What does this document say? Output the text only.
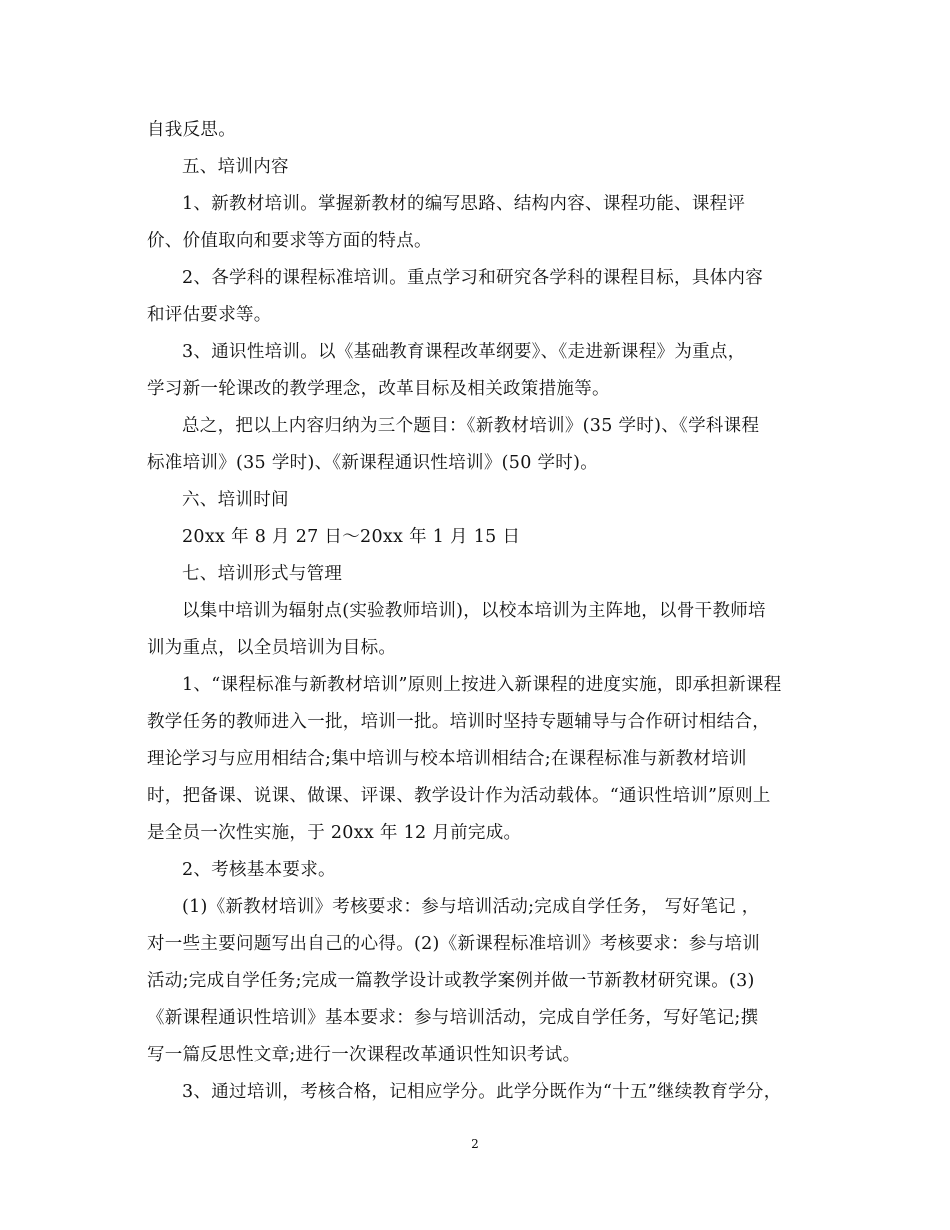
自我反思。
五、培训内容
1、新教材培训。掌握新教材的编写思路、结构内容、课程功能、课程评
价、价值取向和要求等方面的特点。
2、各学科的课程标准培训。重点学习和研究各学科的课程目标，具体内容
和评估要求等。
3、通识性培训。以《基础教育课程改革纲要》、《走进新课程》为重点，
学习新一轮课改的教学理念，改革目标及相关政策措施等。
总之，把以上内容归纳为三个题目：《新教材培训》(35 学时)、《学科课程
标准培训》(35 学时)、《新课程通识性培训》(50 学时)。
六、培训时间
20xx 年 8 月 27 日～20xx 年 1 月 15 日
七、培训形式与管理
以集中培训为辐射点(实验教师培训)，以校本培训为主阵地，以骨干教师培
训为重点，以全员培训为目标。
1、“课程标准与新教材培训”原则上按进入新课程的进度实施，即承担新课程
教学任务的教师进入一批，培训一批。培训时坚持专题辅导与合作研讨相结合，
理论学习与应用相结合;集中培训与校本培训相结合;在课程标准与新教材培训
时，把备课、说课、做课、评课、教学设计作为活动载体。“通识性培训”原则上
是全员一次性实施，于 20xx 年 12 月前完成。
2、考核基本要求。
(1)《新教材培训》考核要求：参与培训活动;完成自学任务， 写好笔记 ，
对一些主要问题写出自己的心得。(2)《新课程标准培训》考核要求：参与培训
活动;完成自学任务;完成一篇教学设计或教学案例并做一节新教材研究课。(3)
《新课程通识性培训》基本要求：参与培训活动，完成自学任务，写好笔记;撰
写一篇反思性文章;进行一次课程改革通识性知识考试。
3、通过培训，考核合格，记相应学分。此学分既作为“十五”继续教育学分，
2
